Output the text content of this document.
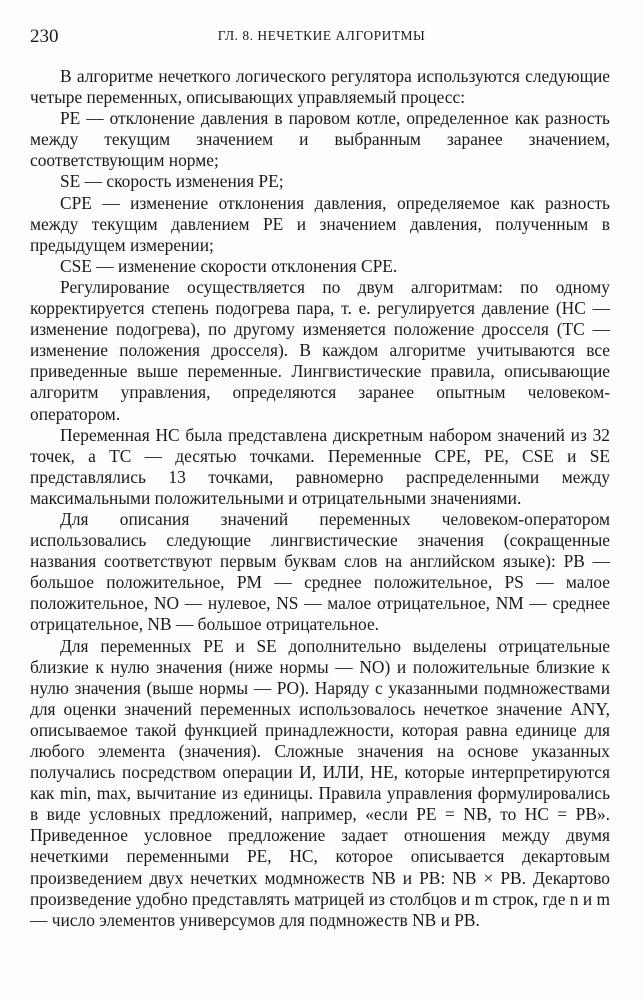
230	ГЛ. 8. НЕЧЕТКИЕ АЛГОРИТМЫ

В алгоритме нечеткого логического регулятора используются следующие четыре переменных, описывающих управляемый процесс:

PE — отклонение давления в паровом котле, определенное как разность между текущим значением и выбранным заранее значением, соответствующим норме;

SE — скорость изменения PE;

CPE — изменение отклонения давления, определяемое как разность между текущим давлением PE и значением давления, полученным в предыдущем измерении;

CSE — изменение скорости отклонения CPE.

Регулирование осуществляется по двум алгоритмам: по одному корректируется степень подогрева пара, т. е. регулируется давление (HC — изменение подогрева), по другому изменяется положение дросселя (TC — изменение положения дросселя). В каждом алгоритме учитываются все приведенные выше переменные. Лингвистические правила, описывающие алгоритм управления, определяются заранее опытным человеком-оператором.

Переменная HC была представлена дискретным набором значений из 32 точек, а TC — десятью точками. Переменные CPE, PE, CSE и SE представлялись 13 точками, равномерно распределенными между максимальными положительными и отрицательными значениями.

Для описания значений переменных человеком-оператором использовались следующие лингвистические значения (сокращенные названия соответствуют первым буквам слов на английском языке): PB — большое положительное, PM — среднее положительное, PS — малое положительное, NO — нулевое, NS — малое отрицательное, NM — среднее отрицательное, NB — большое отрицательное.

Для переменных PE и SE дополнительно выделены отрицательные близкие к нулю значения (ниже нормы — NO) и положительные близкие к нулю значения (выше нормы — PO). Наряду с указанными подмножествами для оценки значений переменных использовалось нечеткое значение ANY, описываемое такой функцией принадлежности, которая равна единице для любого элемента (значения). Сложные значения на основе указанных получались посредством операции И, ИЛИ, НЕ, которые интерпретируются как min, max, вычитание из единицы. Правила управления формулировались в виде условных предложений, например, «если PE = NB, то HC = PB». Приведенное условное предложение задает отношения между двумя нечеткими переменными PE, HC, которое описывается декартовым произведением двух нечетких модмножеств NB и PB: NB × PB. Декартово произведение удобно представлять матрицей из столбцов и m строк, где n и m — число элементов универсумов для подмножеств NB и PB.
